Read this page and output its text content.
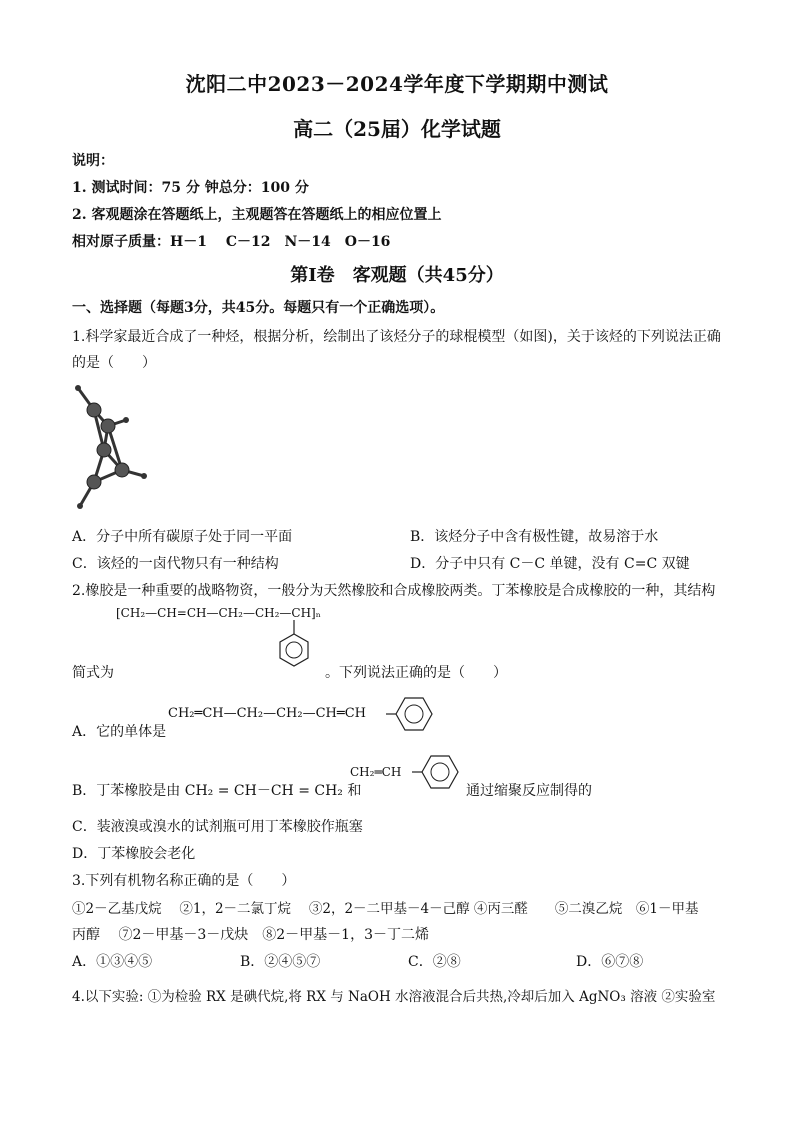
沈阳二中2023－2024学年度下学期期中测试
高二（25届）化学试题
说明：
1. 测试时间：75 分 钟总分：100 分
2. 客观题涂在答题纸上，主观题答在答题纸上的相应位置上
相对原子质量：H－1　 C－12　N－14　O－16
第Ⅰ卷　客观题（共45分）
一、选择题（每题3分，共45分。每题只有一个正确选项）。
1.科学家最近合成了一种烃，根据分析，绘制出了该烃分子的球棍模型（如图)，关于该烃的下列说法正确
的是（　　）
A．分子中所有碳原子处于同一平面	B．该烃分子中含有极性键，故易溶于水
C．该烃的一卤代物只有一种结构	D．分子中只有 C－C 单键，没有 C=C 双键
2.橡胶是一种重要的战略物资，一般分为天然橡胶和合成橡胶两类。丁苯橡胶是合成橡胶的一种，其结构
[CH₂—CH=CH—CH₂—CH₂—CH]ₙ
简式为	。下列说法正确的是（　　）
A．它的单体是
CH₂═CH—CH₂—CH₂—CH═CH
B．丁苯橡胶是由 CH₂ = CH－CH = CH₂ 和
CH₂═CH
通过缩聚反应制得的
C．装液溴或溴水的试剂瓶可用丁苯橡胶作瓶塞
D．丁苯橡胶会老化
3.下列有机物名称正确的是（　　）
①2－乙基戊烷　 ②1，2－二氯丁烷　 ③2，2－二甲基－4－己醇 ④丙三醛　　⑤二溴乙烷　⑥1－甲基
丙醇　 ⑦2－甲基－3－戊炔　⑧2－甲基－1，3－丁二烯
A．①③④⑤	B．②④⑤⑦	C．②⑧	D．⑥⑦⑧
4.以下实验: ①为检验 RX 是碘代烷,将 RX 与 NaOH 水溶液混合后共热,冷却后加入 AgNO₃ 溶液 ②实验室
